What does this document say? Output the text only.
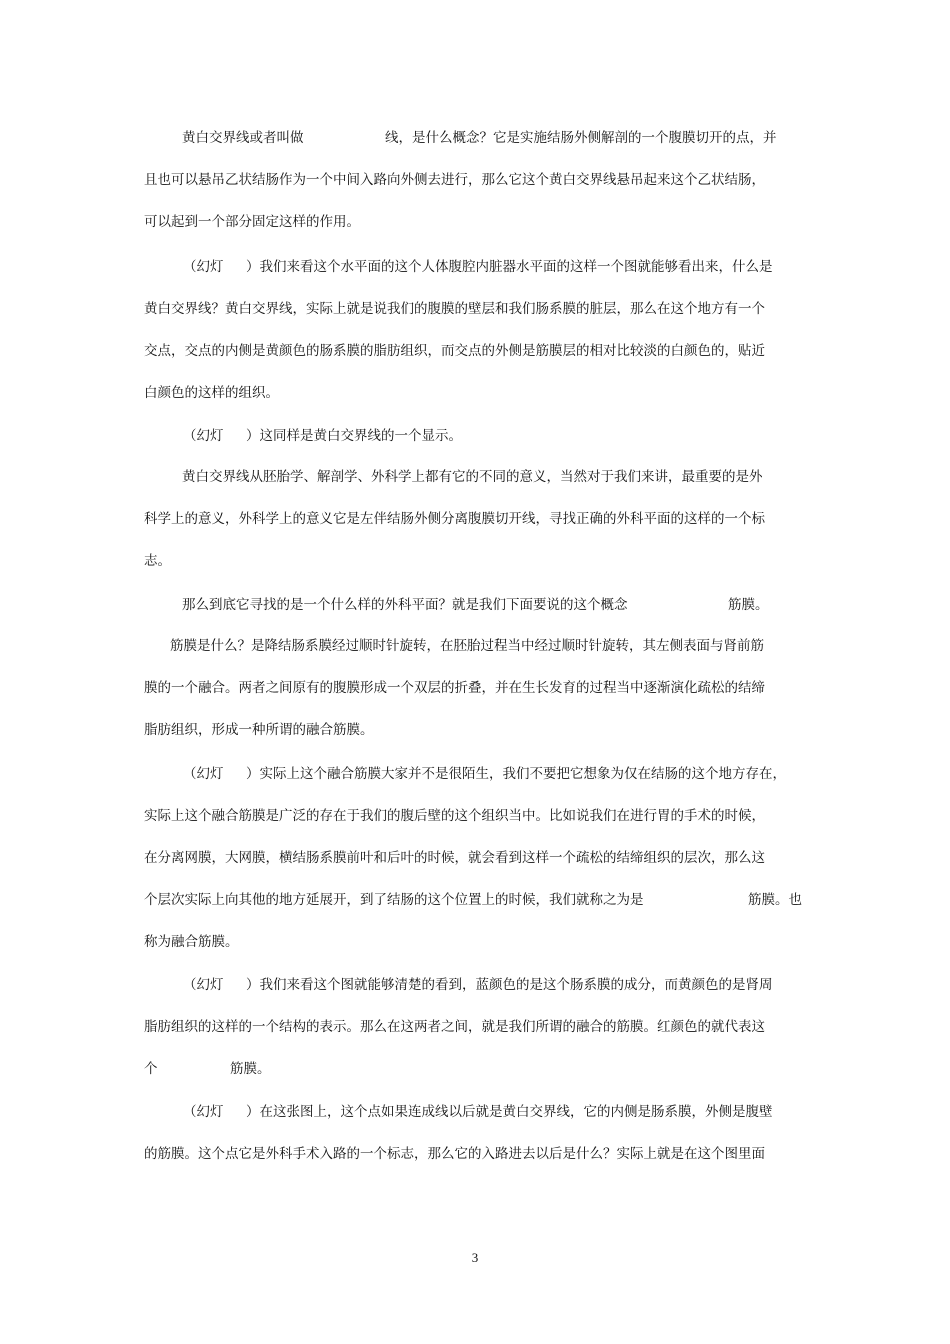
黄白交界线或者叫做	线，是什么概念？它是实施结肠外侧解剖的一个腹膜切开的点，并
且也可以悬吊乙状结肠作为一个中间入路向外侧去进行，那么它这个黄白交界线悬吊起来这个乙状结肠，
可以起到一个部分固定这样的作用。
（幻灯 ）我们来看这个水平面的这个人体腹腔内脏器水平面的这样一个图就能够看出来，什么是
黄白交界线？黄白交界线，实际上就是说我们的腹膜的壁层和我们肠系膜的脏层，那么在这个地方有一个
交点，交点的内侧是黄颜色的肠系膜的脂肪组织，而交点的外侧是筋膜层的相对比较淡的白颜色的，贴近
白颜色的这样的组织。
（幻灯 ）这同样是黄白交界线的一个显示。
黄白交界线从胚胎学、解剖学、外科学上都有它的不同的意义，当然对于我们来讲，最重要的是外
科学上的意义，外科学上的意义它是左伴结肠外侧分离腹膜切开线，寻找正确的外科平面的这样的一个标
志。
那么到底它寻找的是一个什么样的外科平面？就是我们下面要说的这个概念	筋膜。
筋膜是什么？是降结肠系膜经过顺时针旋转，在胚胎过程当中经过顺时针旋转，其左侧表面与肾前筋
膜的一个融合。两者之间原有的腹膜形成一个双层的折叠，并在生长发育的过程当中逐渐演化疏松的结缔
脂肪组织，形成一种所谓的融合筋膜。
（幻灯 ）实际上这个融合筋膜大家并不是很陌生，我们不要把它想象为仅在结肠的这个地方存在，
实际上这个融合筋膜是广泛的存在于我们的腹后壁的这个组织当中。比如说我们在进行胃的手术的时候，
在分离网膜，大网膜，横结肠系膜前叶和后叶的时候，就会看到这样一个疏松的结缔组织的层次，那么这
个层次实际上向其他的地方延展开，到了结肠的这个位置上的时候，我们就称之为是	筋膜。也
称为融合筋膜。
（幻灯 ）我们来看这个图就能够清楚的看到，蓝颜色的是这个肠系膜的成分，而黄颜色的是肾周
脂肪组织的这样的一个结构的表示。那么在这两者之间，就是我们所谓的融合的筋膜。红颜色的就代表这
个	筋膜。
（幻灯 ）在这张图上，这个点如果连成线以后就是黄白交界线，它的内侧是肠系膜，外侧是腹壁
的筋膜。这个点它是外科手术入路的一个标志，那么它的入路进去以后是什么？实际上就是在这个图里面
3
